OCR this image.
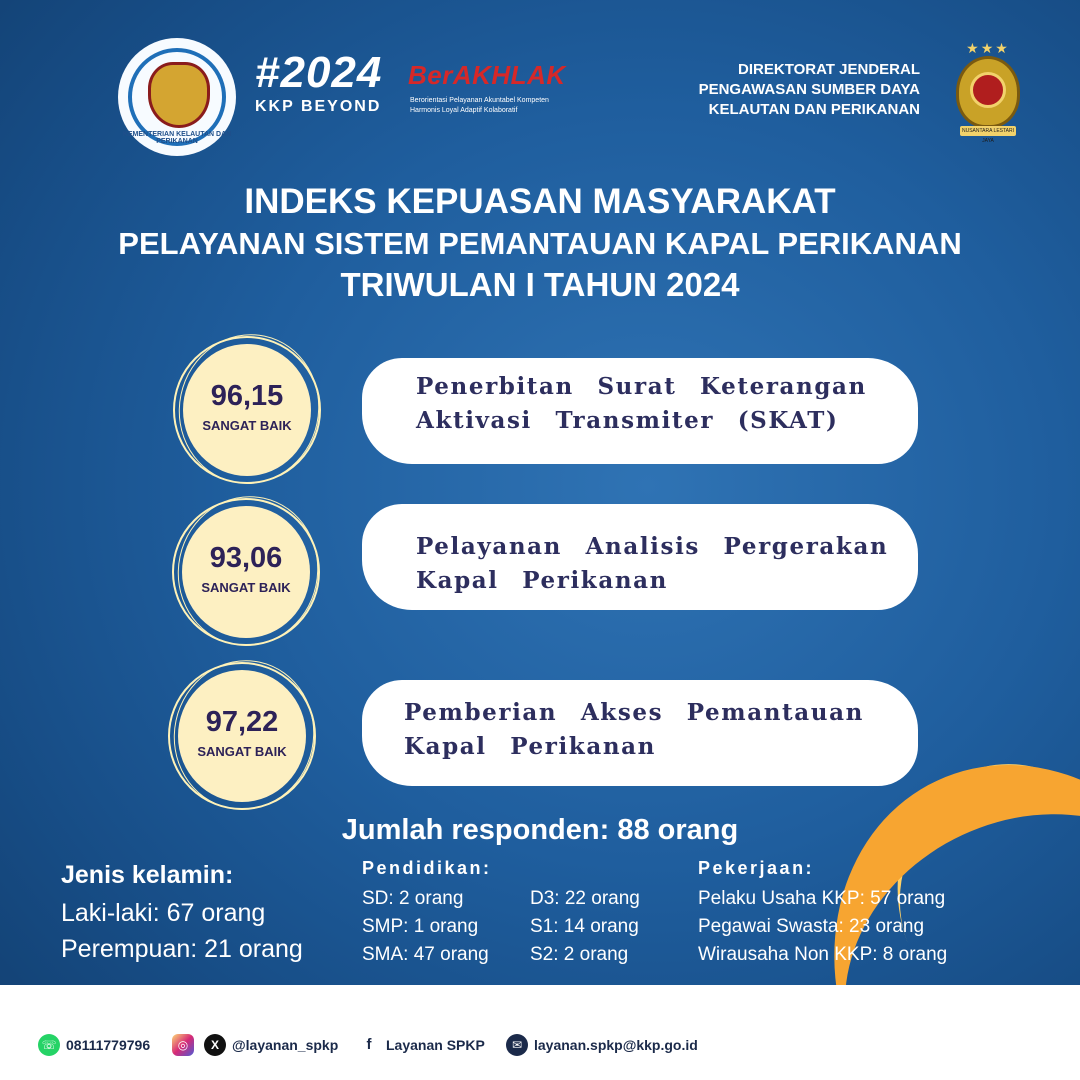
KEMENTERIAN KELAUTAN DAN PERIKANAN
#2024
KKP BEYOND
BerAKHLAK
Berorientasi Pelayanan Akuntabel Kompeten Harmonis Loyal Adaptif Kolaboratif
DIREKTORAT JENDERAL
PENGAWASAN SUMBER DAYA
KELAUTAN DAN PERIKANAN
★★★
NUSANTARA LESTARI JAYA
INDEKS KEPUASAN MASYARAKAT
PELAYANAN SISTEM PEMANTAUAN KAPAL PERIKANAN
TRIWULAN I TAHUN 2024
Penerbitan Surat Keterangan
Aktivasi Transmiter (SKAT)
96,15
SANGAT BAIK
Pelayanan Analisis Pergerakan
Kapal Perikanan
93,06
SANGAT BAIK
Pemberian Akses Pemantauan
Kapal Perikanan
97,22
SANGAT BAIK
Jumlah responden: 88 orang
Jenis kelamin:
Laki-laki: 67 orang
Perempuan: 21 orang
Pendidikan:
SD: 2 orang
SMP: 1 orang
SMA: 47 orang
D3: 22 orang
S1: 14 orang
S2: 2 orang
Pekerjaan:
Pelaku Usaha KKP: 57 orang
Pegawai Swasta: 23 orang
Wirausaha Non KKP: 8 orang
☏ 08111779796	◎	X @layanan_spkp	f	Layanan SPKP	✉ layanan.spkp@kkp.go.id
